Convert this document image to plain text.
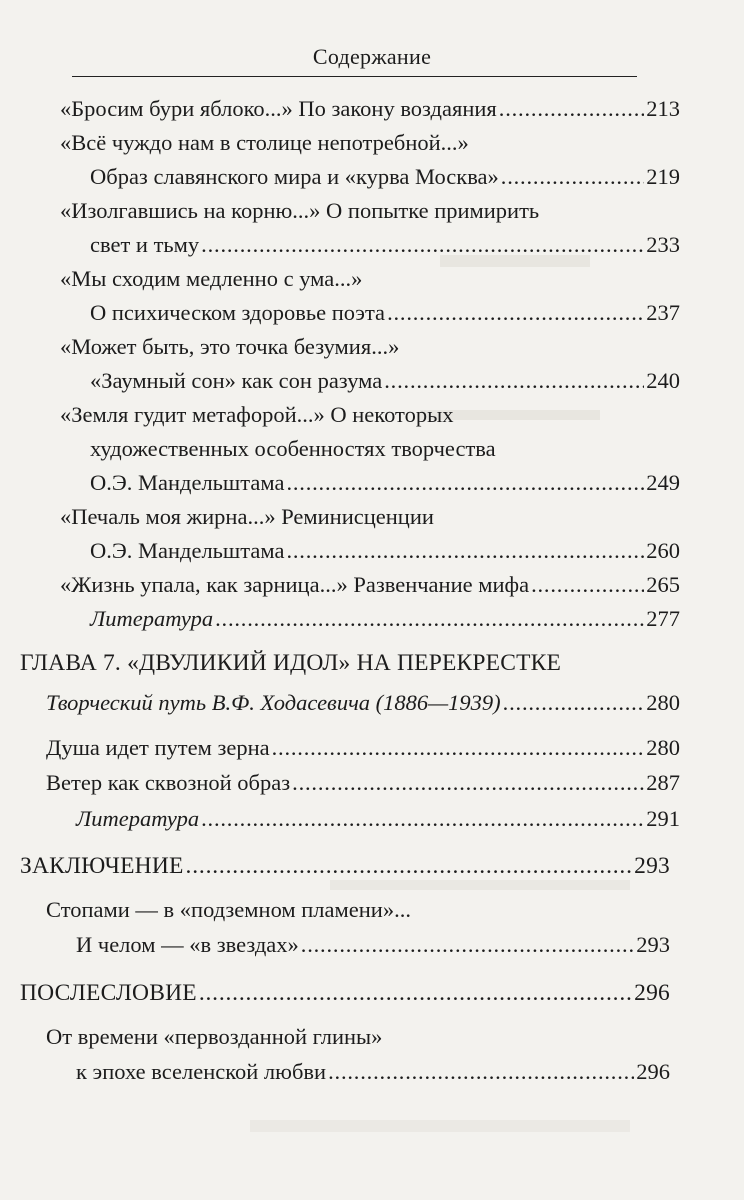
Содержание
«Бросим бури яблоко...» По закону воздаяния .....	213
«Всё чуждо нам в столице непотребной...»
Образ славянского мира и «курва Москва» .....	219
«Изолгавшись на корню...» О попытке примирить
свет и тьму .....	233
«Мы сходим медленно с ума...»
О психическом здоровье поэта .....	237
«Может быть, это точка безумия...»
«Заумный сон» как сон разума .....	240
«Земля гудит метафорой...» О некоторых
художественных особенностях творчества
О.Э. Мандельштама .....	249
«Печаль моя жирна...» Реминисценции
О.Э. Мандельштама .....	260
«Жизнь упала, как зарница...» Развенчание мифа .....	265
Литература .....	277
ГЛАВА 7. «ДВУЛИКИЙ ИДОЛ» НА ПЕРЕКРЕСТКЕ
Творческий путь В.Ф. Ходасевича (1886—1939) .....	280
Душа идет путем зерна .....	280
Ветер как сквозной образ .....	287
Литература .....	291
ЗАКЛЮЧЕНИЕ .....	293
Стопами — в «подземном пламени»...
И челом — «в звездах» .....	293
ПОСЛЕСЛОВИЕ .....	296
От времени «первозданной глины»
к эпохе вселенской любви .....	296
